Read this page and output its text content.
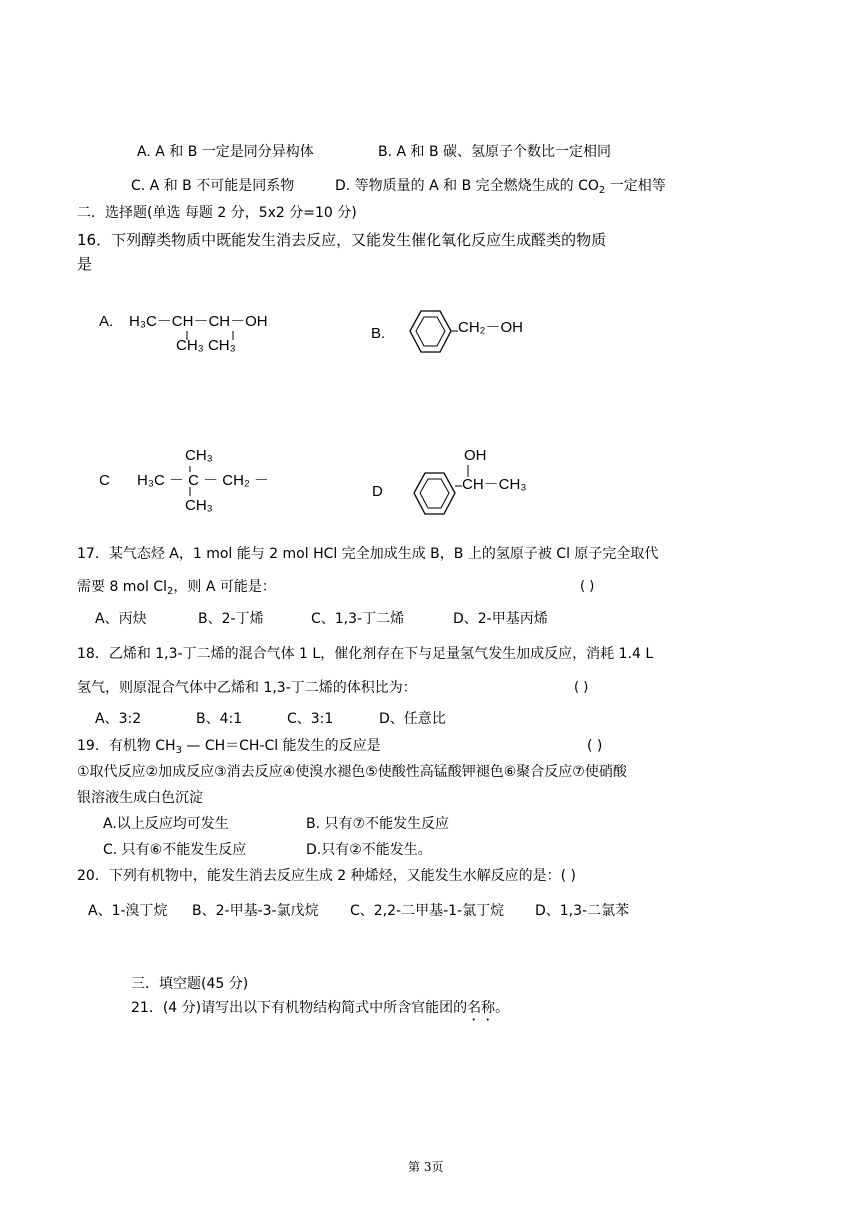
A. A 和 B 一定是同分异构体	B. A 和 B 碳、氢原子个数比一定相同
C. A 和 B 不可能是同系物	D. 等物质量的 A 和 B 完全燃烧生成的 $CO_2$ 一定相等
二．选择题(单选 每题 2 分，5x2 分=10 分)
16．下列醇类物质中既能发生消去反应，又能发生催化氧化反应生成醛类的物质
是
A. H₃C－CH－CH－OH
CH₃ CH₃
B.	CH₂－OH
C
CH₃
H₃C － C － CH₂ －
CH₃
D
OH
CH－CH₃
17．某气态烃 A，1 mol 能与 2 mol HCl 完全加成生成 B，B 上的氢原子被 Cl 原子完全取代
需要 8 mol $Cl_2$，则 A 可能是：	( )
A、丙炔	B、2-丁烯	C、1,3-丁二烯	D、2-甲基丙烯
18．乙烯和 1,3-丁二烯的混合气体 1 L，催化剂存在下与足量氢气发生加成反应，消耗 1.4 L
氢气，则原混合气体中乙烯和 1,3-丁二烯的体积比为：	( )
A、3:2	B、4:1	C、3:1	D、任意比
19．有机物 $CH_3$ — CH＝CH-Cl 能发生的反应是	( )
①取代反应②加成反应③消去反应④使溴水褪色⑤使酸性高锰酸钾褪色⑥聚合反应⑦使硝酸
银溶液生成白色沉淀
A.以上反应均可发生	B. 只有⑦不能发生反应
C. 只有⑥不能发生反应	D.只有②不能发生。
20．下列有机物中，能发生消去反应生成 2 种烯烃，又能发生水解反应的是：( )
A、1-溴丁烷 B、2-甲基-3-氯戊烷 C、2,2-二甲基-1-氯丁烷 D、1,3-二氯苯
三．填空题(45 分)
21．(4 分)请写出以下有机物结构简式中所含官能团的名称。
第 3页
